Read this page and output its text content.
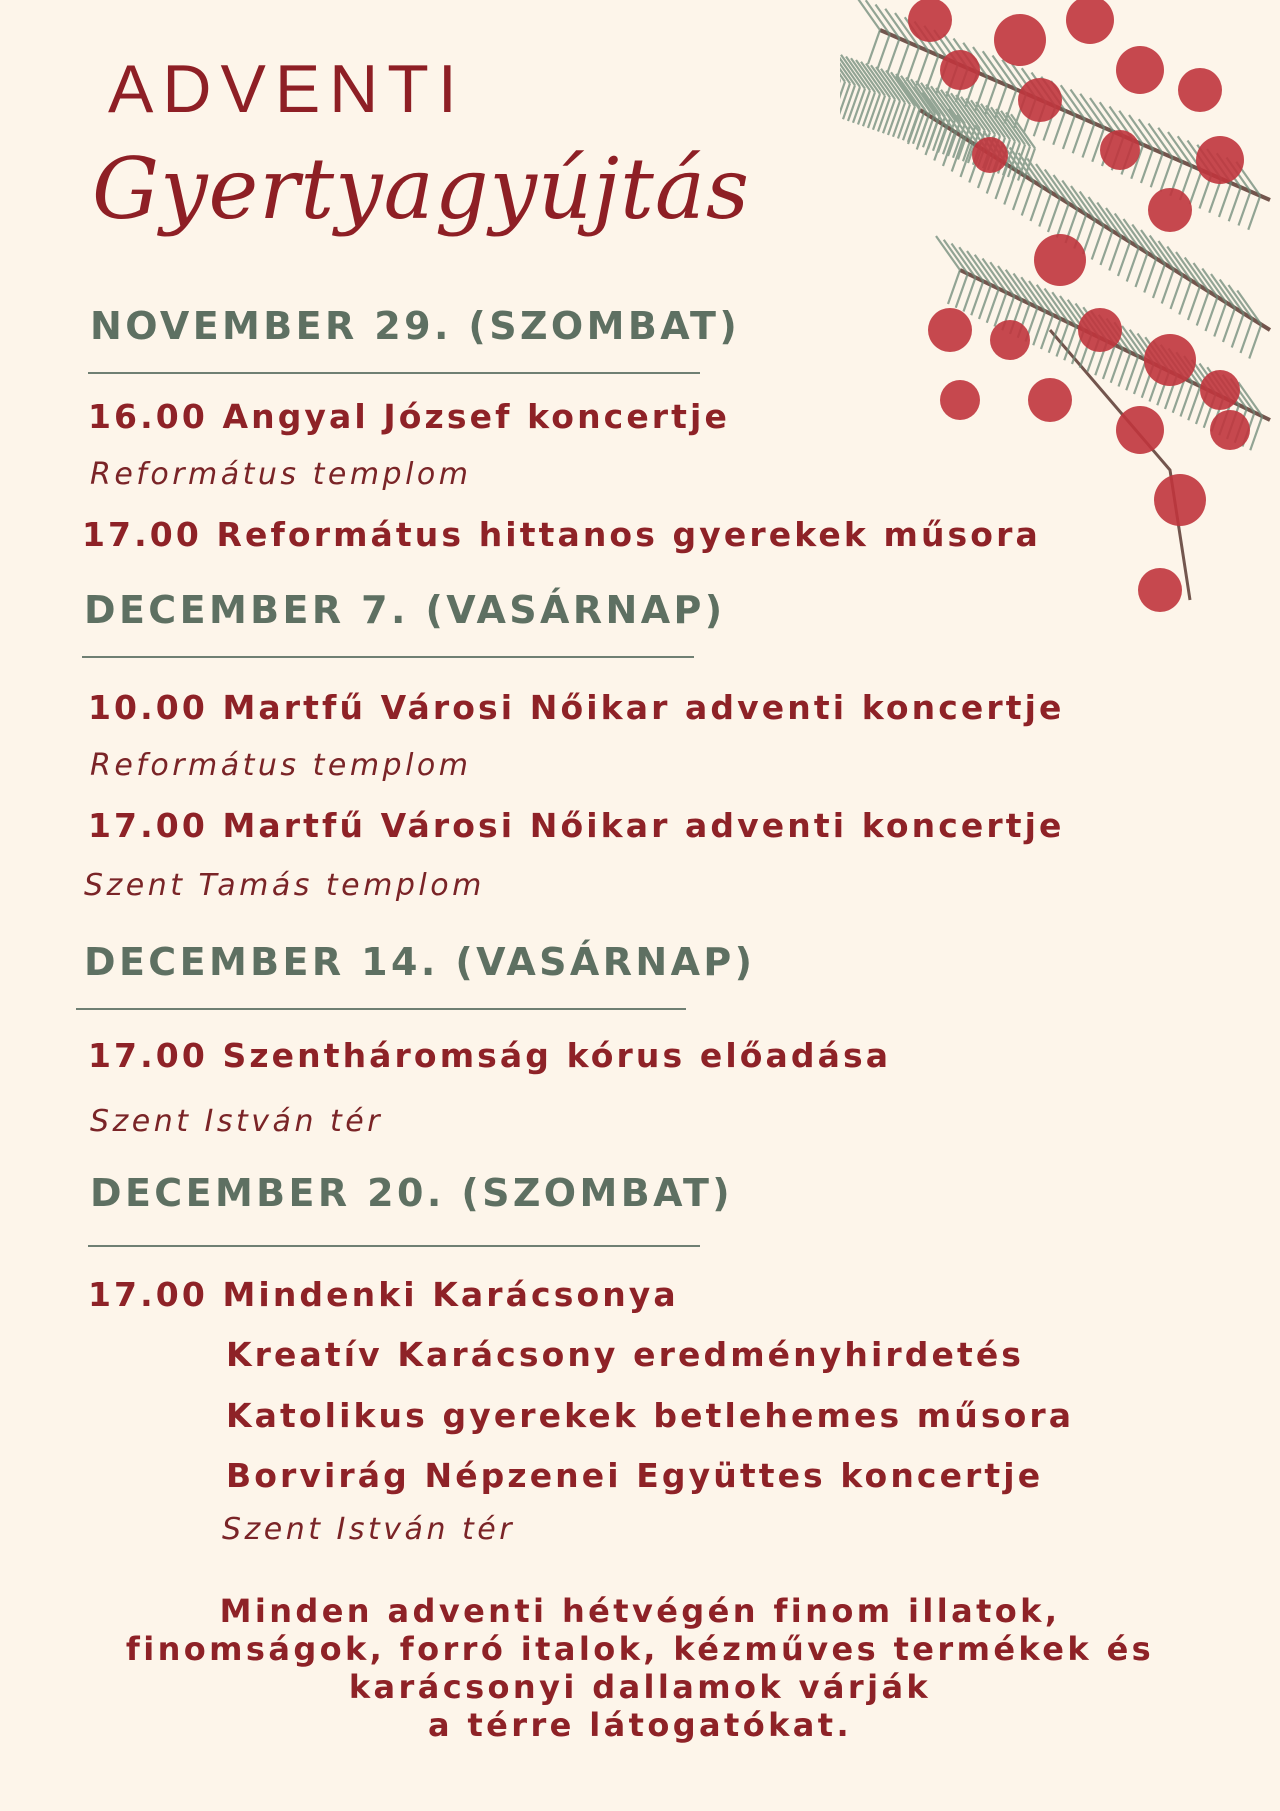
ADVENTI
Gyertyagyújtás
NOVEMBER 29. (SZOMBAT)
16.00 Angyal József koncertje
Református templom
17.00 Református hittanos gyerekek műsora
DECEMBER 7. (VASÁRNAP)
10.00 Martfű Városi Nőikar adventi koncertje
Református templom
17.00 Martfű Városi Nőikar adventi koncertje
Szent Tamás templom
DECEMBER 14. (VASÁRNAP)
17.00 Szentháromság kórus előadása
Szent István tér
DECEMBER 20. (SZOMBAT)
17.00 Mindenki Karácsonya
Kreatív Karácsony eredményhirdetés
Katolikus gyerekek betlehemes műsora
Borvirág Népzenei Együttes koncertje
Szent István tér
Minden adventi hétvégén finom illatok,
finomságok, forró italok, kézműves termékek és
karácsonyi dallamok várják
a térre látogatókat.
